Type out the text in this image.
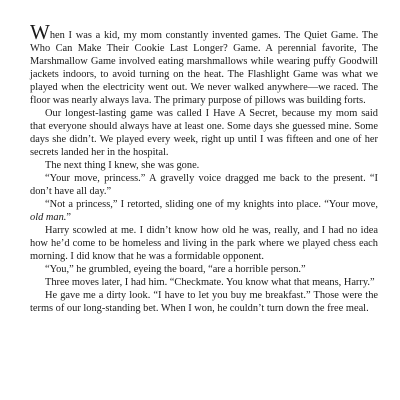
When I was a kid, my mom constantly invented games. The Quiet Game. The Who Can Make Their Cookie Last Longer? Game. A perennial favorite, The Marshmallow Game involved eating marshmallows while wearing puffy Goodwill jackets indoors, to avoid turning on the heat. The Flashlight Game was what we played when the electricity went out. We never walked anywhere—we raced. The floor was nearly always lava. The primary purpose of pillows was building forts.

Our longest-lasting game was called I Have A Secret, because my mom said that everyone should always have at least one. Some days she guessed mine. Some days she didn’t. We played every week, right up until I was fifteen and one of her secrets landed her in the hospital.

The next thing I knew, she was gone.

“Your move, princess.” A gravelly voice dragged me back to the present. “I don’t have all day.”

“Not a princess,” I retorted, sliding one of my knights into place. “Your move, old man.”

Harry scowled at me. I didn’t know how old he was, really, and I had no idea how he’d come to be homeless and living in the park where we played chess each morning. I did know that he was a formidable opponent.

“You,” he grumbled, eyeing the board, “are a horrible person.”

Three moves later, I had him. “Checkmate. You know what that means, Harry.”

He gave me a dirty look. “I have to let you buy me breakfast.” Those were the terms of our long-standing bet. When I won, he couldn’t turn down the free meal.
